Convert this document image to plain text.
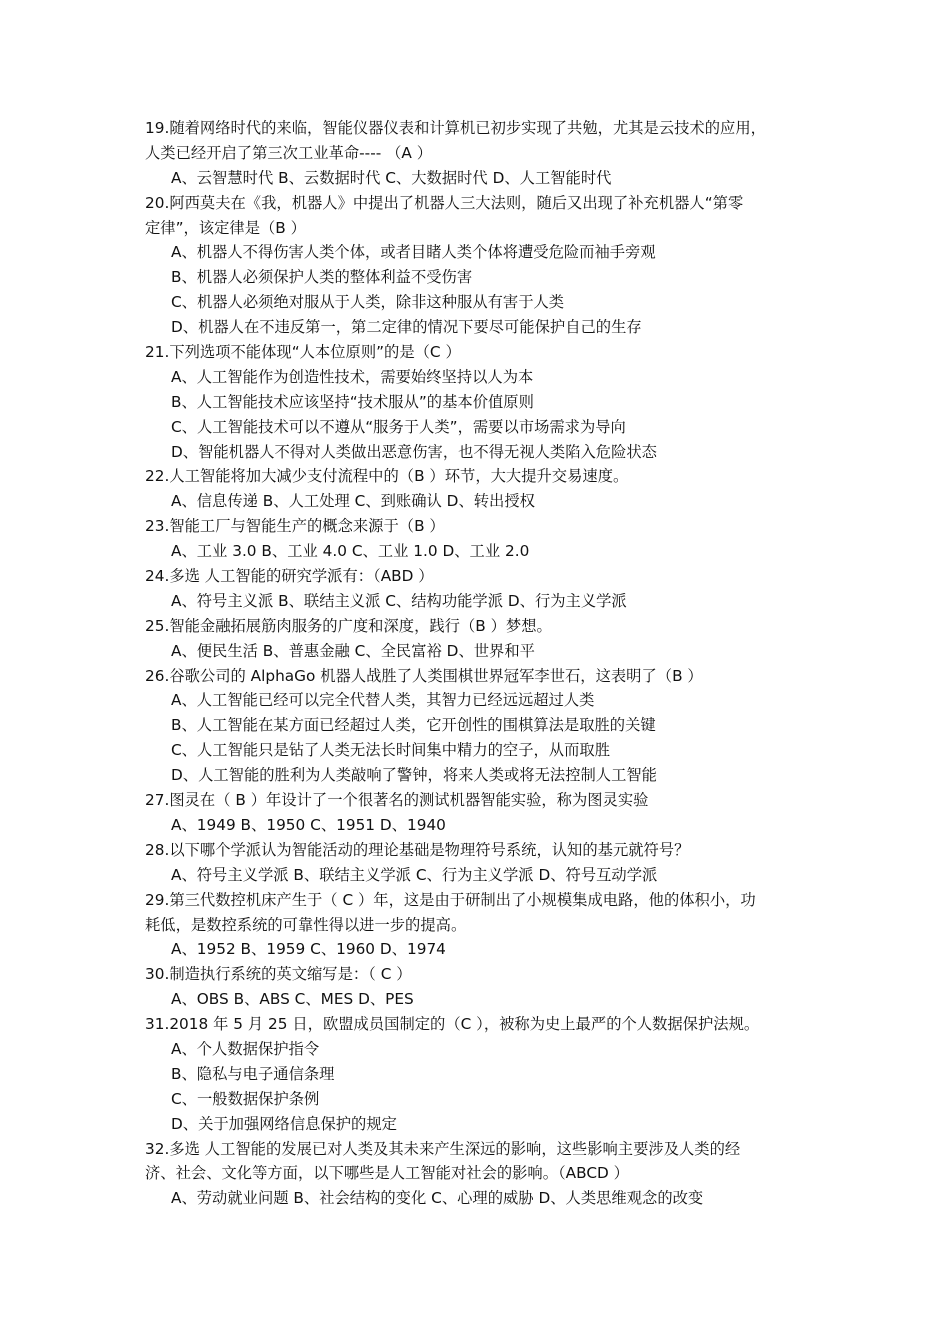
19.随着网络时代的来临，智能仪器仪表和计算机已初步实现了共勉，尤其是云技术的应用，
人类已经开启了第三次工业革命---- （A ）
A、云智慧时代 B、云数据时代 C、大数据时代 D、人工智能时代
20.阿西莫夫在《我，机器人》中提出了机器人三大法则，随后又出现了补充机器人“第零
定律”，该定律是（B ）
A、机器人不得伤害人类个体，或者目睹人类个体将遭受危险而袖手旁观
B、机器人必须保护人类的整体利益不受伤害
C、机器人必须绝对服从于人类，除非这种服从有害于人类
D、机器人在不违反第一，第二定律的情况下要尽可能保护自己的生存
21.下列选项不能体现“人本位原则”的是（C ）
A、人工智能作为创造性技术，需要始终坚持以人为本
B、人工智能技术应该坚持“技术服从”的基本价值原则
C、人工智能技术可以不遵从“服务于人类”，需要以市场需求为导向
D、智能机器人不得对人类做出恶意伤害，也不得无视人类陷入危险状态
22.人工智能将加大减少支付流程中的（B ）环节，大大提升交易速度。
A、信息传递 B、人工处理 C、到账确认 D、转出授权
23.智能工厂与智能生产的概念来源于（B ）
A、工业 3.0 B、工业 4.0 C、工业 1.0 D、工业 2.0
24.多选 人工智能的研究学派有：（ABD ）
A、符号主义派 B、联结主义派 C、结构功能学派 D、行为主义学派
25.智能金融拓展筋肉服务的广度和深度，践行（B ）梦想。
A、便民生活 B、普惠金融 C、全民富裕 D、世界和平
26.谷歌公司的 AlphaGo 机器人战胜了人类围棋世界冠军李世石，这表明了（B ）
A、人工智能已经可以完全代替人类，其智力已经远远超过人类
B、人工智能在某方面已经超过人类，它开创性的围棋算法是取胜的关键
C、人工智能只是钻了人类无法长时间集中精力的空子，从而取胜
D、人工智能的胜利为人类敲响了警钟，将来人类或将无法控制人工智能
27.图灵在（ B ）年设计了一个很著名的测试机器智能实验，称为图灵实验
A、1949 B、1950 C、1951 D、1940
28.以下哪个学派认为智能活动的理论基础是物理符号系统，认知的基元就符号？
A、符号主义学派 B、联结主义学派 C、行为主义学派 D、符号互动学派
29.第三代数控机床产生于（ C ）年，这是由于研制出了小规模集成电路，他的体积小，功
耗低，是数控系统的可靠性得以进一步的提高。
A、1952 B、1959 C、1960 D、1974
30.制造执行系统的英文缩写是：（ C ）
A、OBS B、ABS C、MES D、PES
31.2018 年 5 月 25 日，欧盟成员国制定的（C ），被称为史上最严的个人数据保护法规。
A、个人数据保护指令
B、隐私与电子通信条理
C、一般数据保护条例
D、关于加强网络信息保护的规定
32.多选 人工智能的发展已对人类及其未来产生深远的影响，这些影响主要涉及人类的经
济、社会、文化等方面，以下哪些是人工智能对社会的影响。（ABCD ）
A、劳动就业问题 B、社会结构的变化 C、心理的威胁 D、人类思维观念的改变
